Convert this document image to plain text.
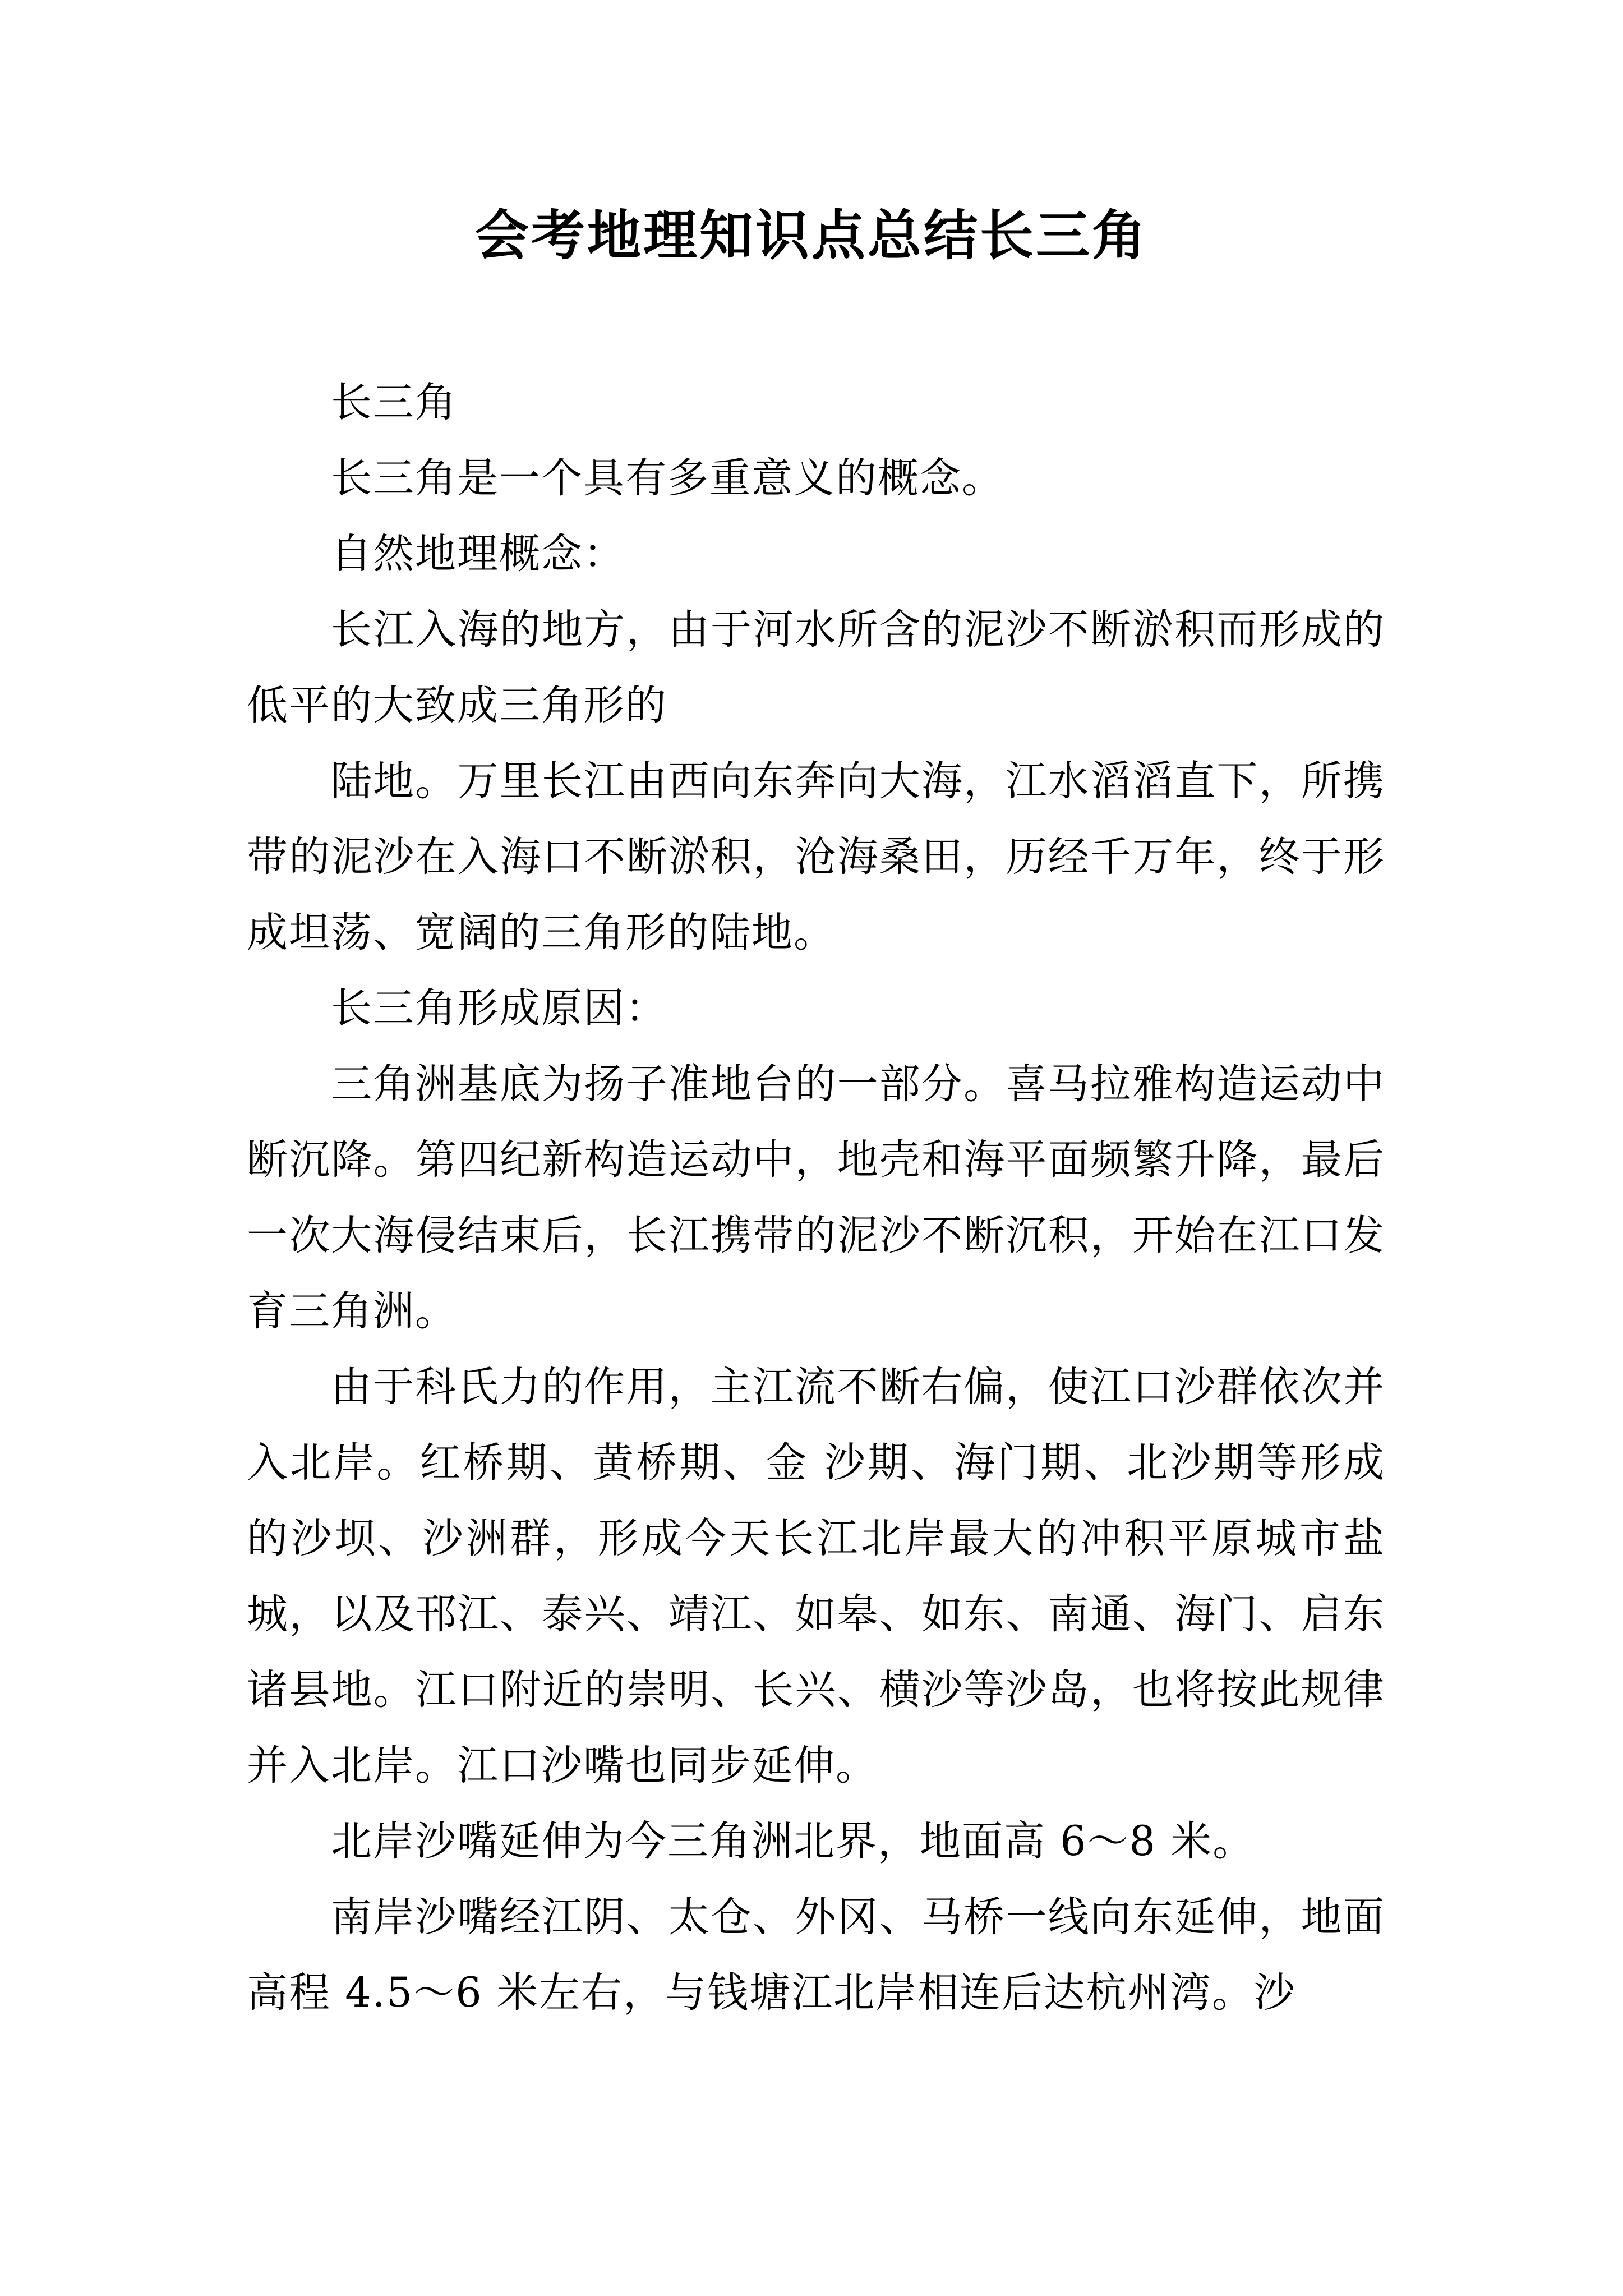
会考地理知识点总结长三角

长三角

长三角是一个具有多重意义的概念。

自然地理概念：

长江入海的地方，由于河水所含的泥沙不断淤积而形成的低平的大致成三角形的

陆地。万里长江由西向东奔向大海，江水滔滔直下，所携带的泥沙在入海口不断淤积，沧海桑田，历经千万年，终于形成坦荡、宽阔的三角形的陆地。

长三角形成原因：

三角洲基底为扬子准地台的一部分。喜马拉雅构造运动中断沉降。第四纪新构造运动中，地壳和海平面频繁升降，最后一次大海侵结束后，长江携带的泥沙不断沉积，开始在江口发育三角洲。

由于科氏力的作用，主江流不断右偏，使江口沙群依次并入北岸。红桥期、黄桥期、金 沙期、海门期、北沙期等形成的沙坝、沙洲群，形成今天长江北岸最大的冲积平原城市盐城，以及邗江、泰兴、靖江、如皋、如东、南通、海门、启东诸县地。江口附近的崇明、长兴、横沙等沙岛，也将按此规律并入北岸。江口沙嘴也同步延伸。

北岸沙嘴延伸为今三角洲北界，地面高 6～8 米。

南岸沙嘴经江阴、太仓、外冈、马桥一线向东延伸，地面高程 4.5～6 米左右，与钱塘江北岸相连后达杭州湾。沙
